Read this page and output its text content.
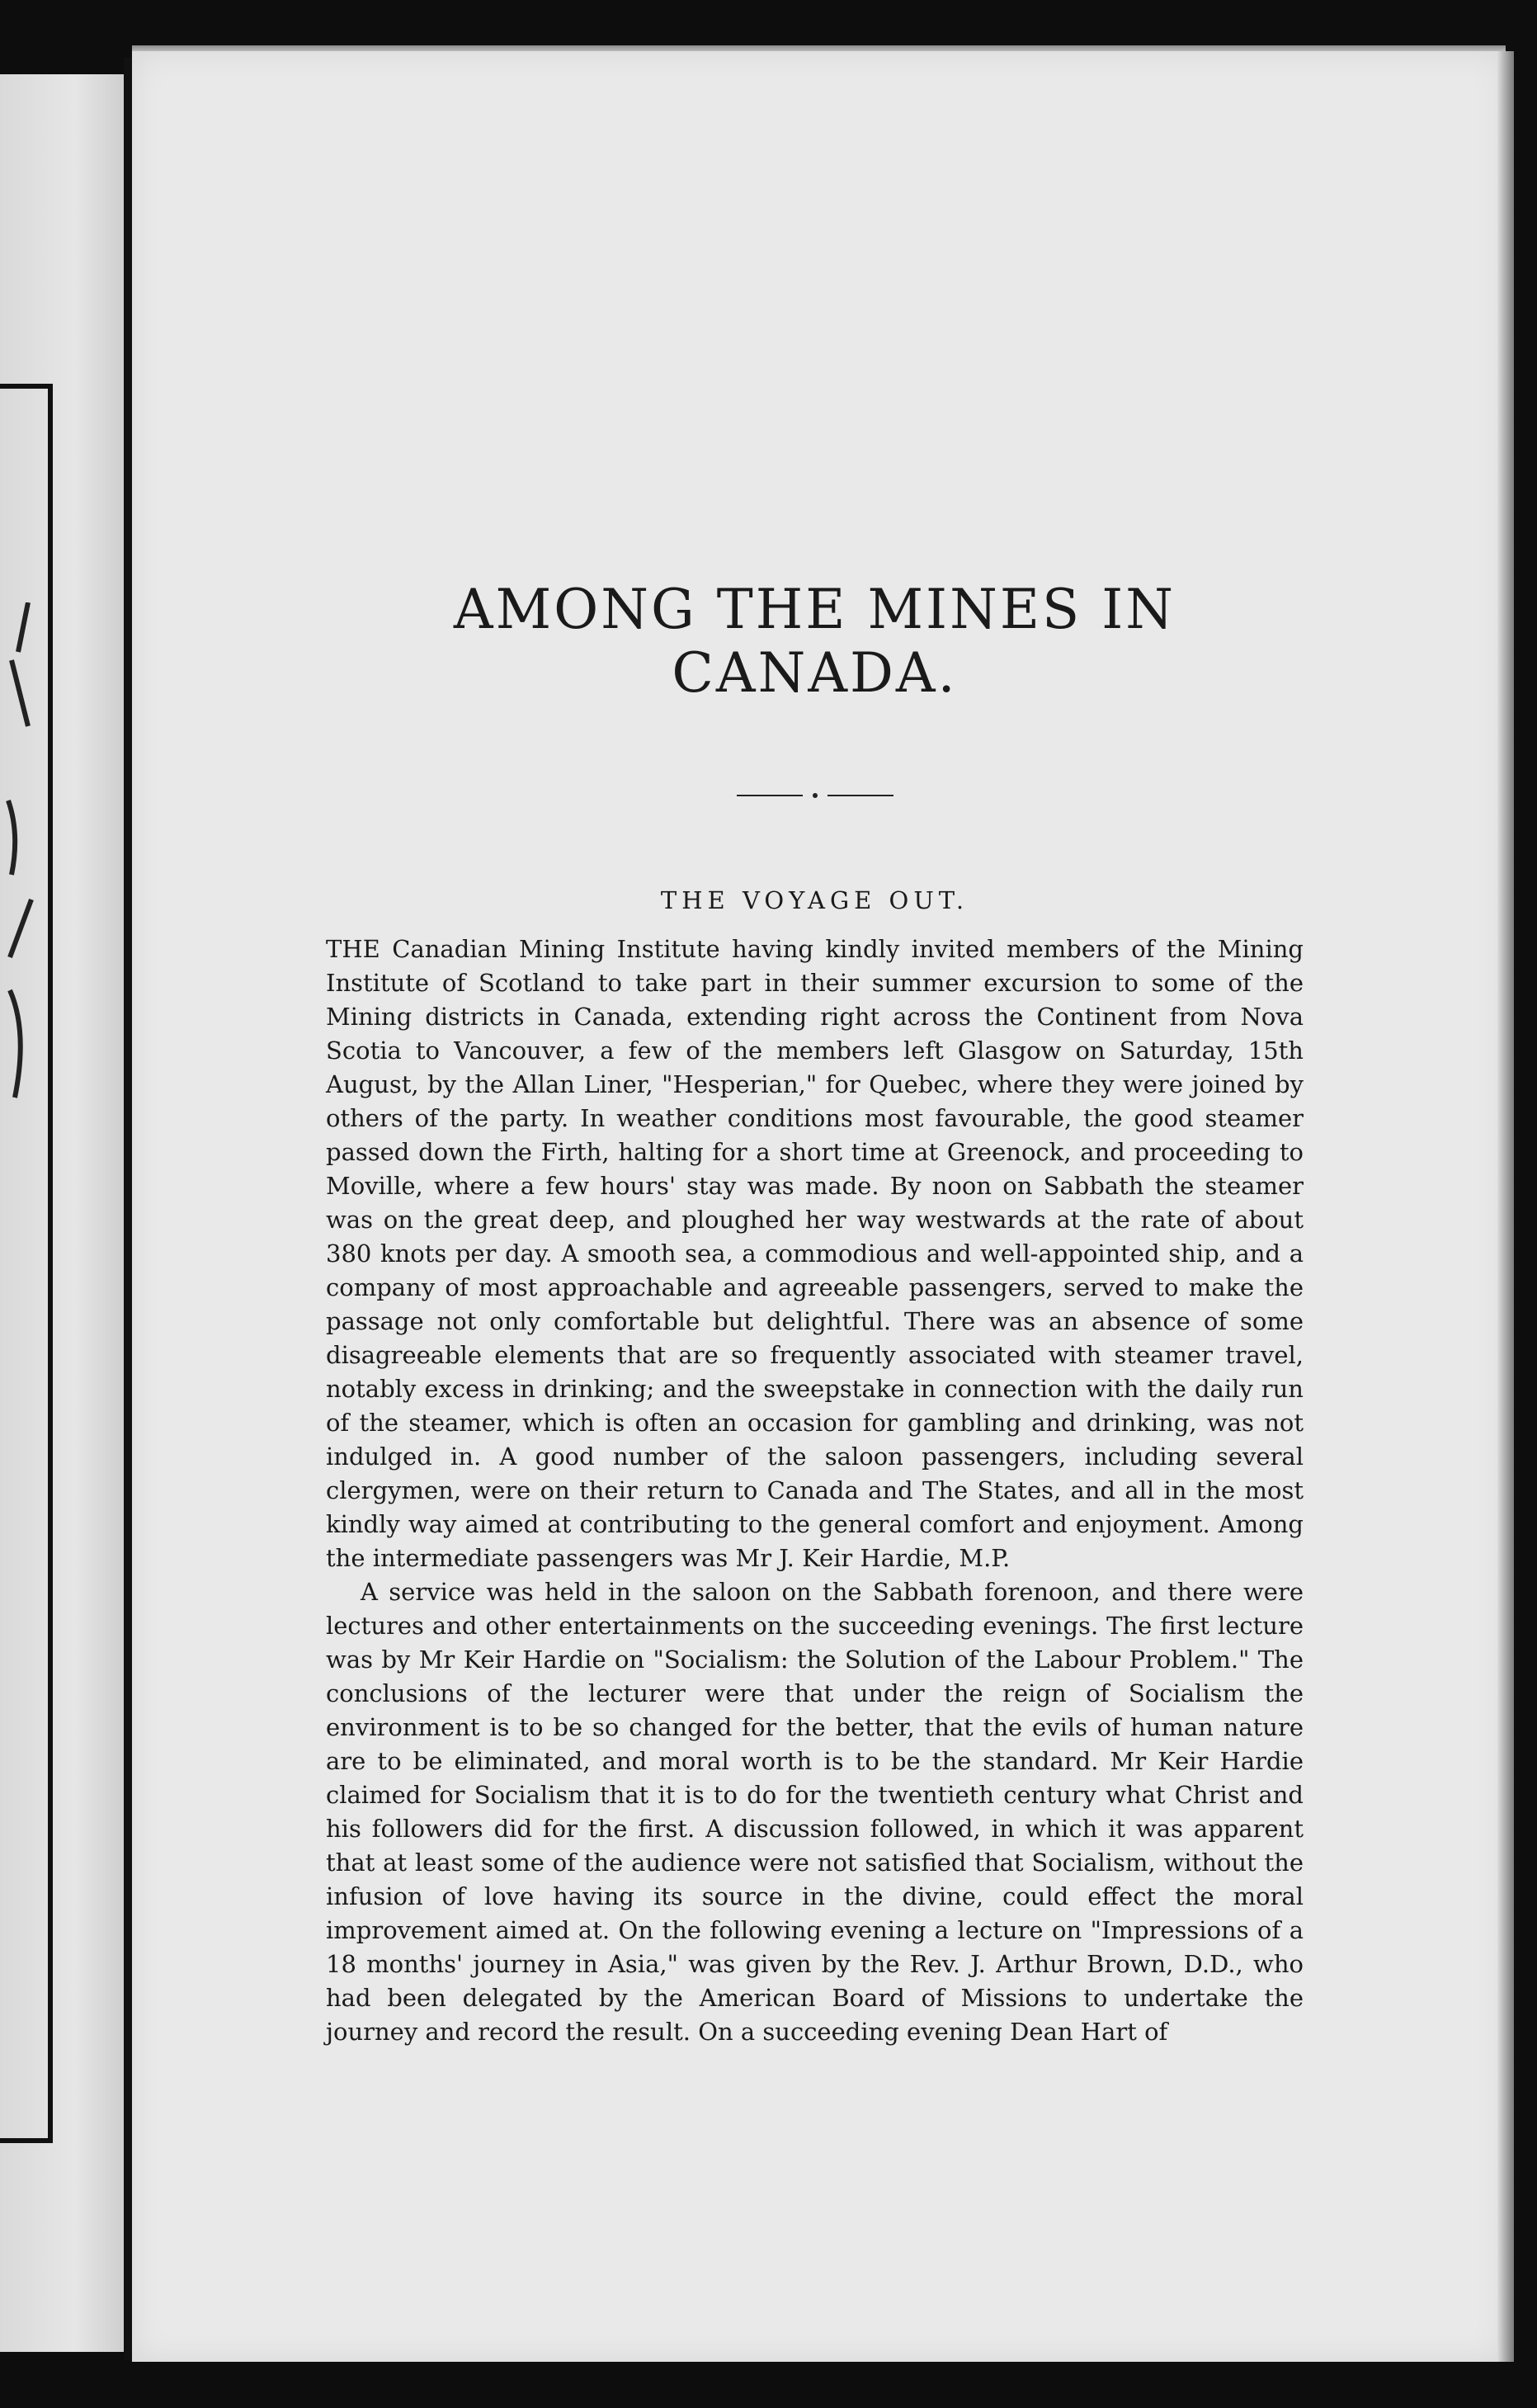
AMONG THE MINES IN CANADA.
THE VOYAGE OUT.

THE Canadian Mining Institute having kindly invited members of the Mining Institute of Scotland to take part in their summer excursion to some of the Mining districts in Canada, extending right across the Continent from Nova Scotia to Vancouver, a few of the members left Glasgow on Saturday, 15th August, by the Allan Liner, "Hesperian," for Quebec, where they were joined by others of the party. In weather conditions most favourable, the good steamer passed down the Firth, halting for a short time at Greenock, and proceeding to Moville, where a few hours' stay was made. By noon on Sabbath the steamer was on the great deep, and ploughed her way westwards at the rate of about 380 knots per day. A smooth sea, a commodious and well-appointed ship, and a company of most approachable and agreeable passengers, served to make the passage not only comfortable but delightful. There was an absence of some disagreeable elements that are so frequently associated with steamer travel, notably excess in drinking; and the sweepstake in connection with the daily run of the steamer, which is often an occasion for gambling and drinking, was not indulged in. A good number of the saloon passengers, including several clergymen, were on their return to Canada and The States, and all in the most kindly way aimed at contributing to the general comfort and enjoyment. Among the intermediate passengers was Mr J. Keir Hardie, M.P.

A service was held in the saloon on the Sabbath forenoon, and there were lectures and other entertainments on the succeeding evenings. The first lecture was by Mr Keir Hardie on "Socialism: the Solution of the Labour Problem." The conclusions of the lecturer were that under the reign of Socialism the environment is to be so changed for the better, that the evils of human nature are to be eliminated, and moral worth is to be the standard. Mr Keir Hardie claimed for Socialism that it is to do for the twentieth century what Christ and his followers did for the first. A discussion followed, in which it was apparent that at least some of the audience were not satisfied that Socialism, without the infusion of love having its source in the divine, could effect the moral improvement aimed at. On the following evening a lecture on "Impressions of a 18 months' journey in Asia," was given by the Rev. J. Arthur Brown, D.D., who had been delegated by the American Board of Missions to undertake the journey and record the result. On a succeeding evening Dean Hart of
